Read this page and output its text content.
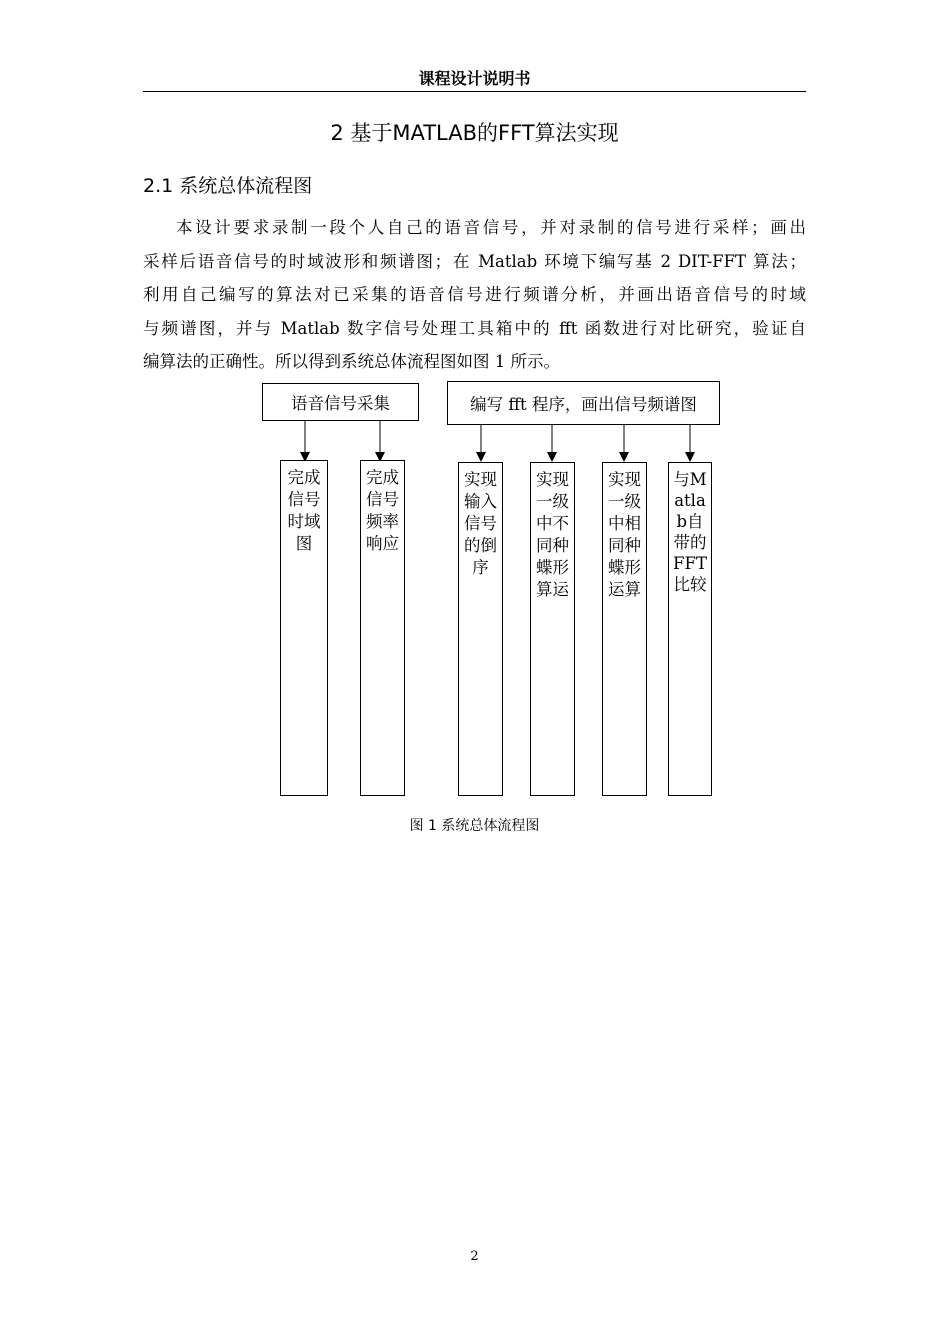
课程设计说明书
2 基于MATLAB的FFT算法实现
2.1 系统总体流程图
本设计要求录制一段个人自己的语音信号，并对录制的信号进行采样；画出
采样后语音信号的时域波形和频谱图；在 Matlab 环境下编写基 2 DIT-FFT 算法；
利用自己编写的算法对已采集的语音信号进行频谱分析，并画出语音信号的时域
与频谱图，并与 Matlab 数字信号处理工具箱中的 fft 函数进行对比研究，验证自
编算法的正确性。所以得到系统总体流程图如图 1 所示。
语音信号采集	编写 fft 程序，画出信号频谱图
完成信号时域图
完成信号频率响应
实现输入信号的倒序
实现一级中不同种蝶形算运
实现一级中相同种蝶形运算
与Matlab自带的FFT比较
图 1 系统总体流程图
2
